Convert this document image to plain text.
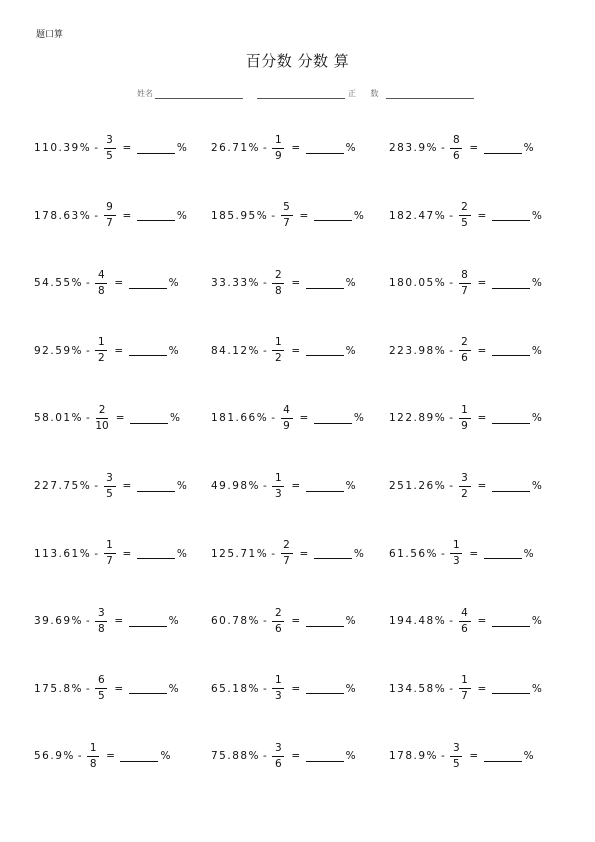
题口算
百分数 分数 算
姓名	正 数
$110.39\% - \frac{3}{5}$ =	% $26.71\% - \frac{1}{9}$ =	%	$283.9\% - \frac{8}{6}$ =	%
$178.63\% - \frac{9}{7}$ =	% $185.95\% - \frac{5}{7}$ =	% $182.47\% - \frac{2}{5}$ =	%
$54.55\% - \frac{4}{8}$ =	%	$33.33\% - \frac{2}{8}$ =	%	$180.05\% - \frac{8}{7}$ =	%
$92.59\% - \frac{1}{2}$ =	%	$84.12\% - \frac{1}{2}$ =	%	$223.98\% - \frac{2}{6}$ =	%
$58.01\% - \frac{2}{10}$ =	%	$181.66\% - \frac{4}{9}$ =	% $122.89\% - \frac{1}{9}$ =	%
$227.75\% - \frac{3}{5}$ =	% $49.98\% - \frac{1}{3}$ =	%	$251.26\% - \frac{3}{2}$ =	%
$113.61\% - \frac{1}{7}$ =	% $125.71\% - \frac{2}{7}$ =	% $61.56\% - \frac{1}{3}$ =	%
$39.69\% - \frac{3}{8}$ =	%	$60.78\% - \frac{2}{6}$ =	%	$194.48\% - \frac{4}{6}$ =	%
$175.8\% - \frac{6}{5}$ =	%	$65.18\% - \frac{1}{3}$ =	%	$134.58\% - \frac{1}{7}$ =	%
$56.9\% - \frac{1}{8}$ =	%	$75.88\% - \frac{3}{6}$ =	%	$178.9\% - \frac{3}{5}$ =	%
